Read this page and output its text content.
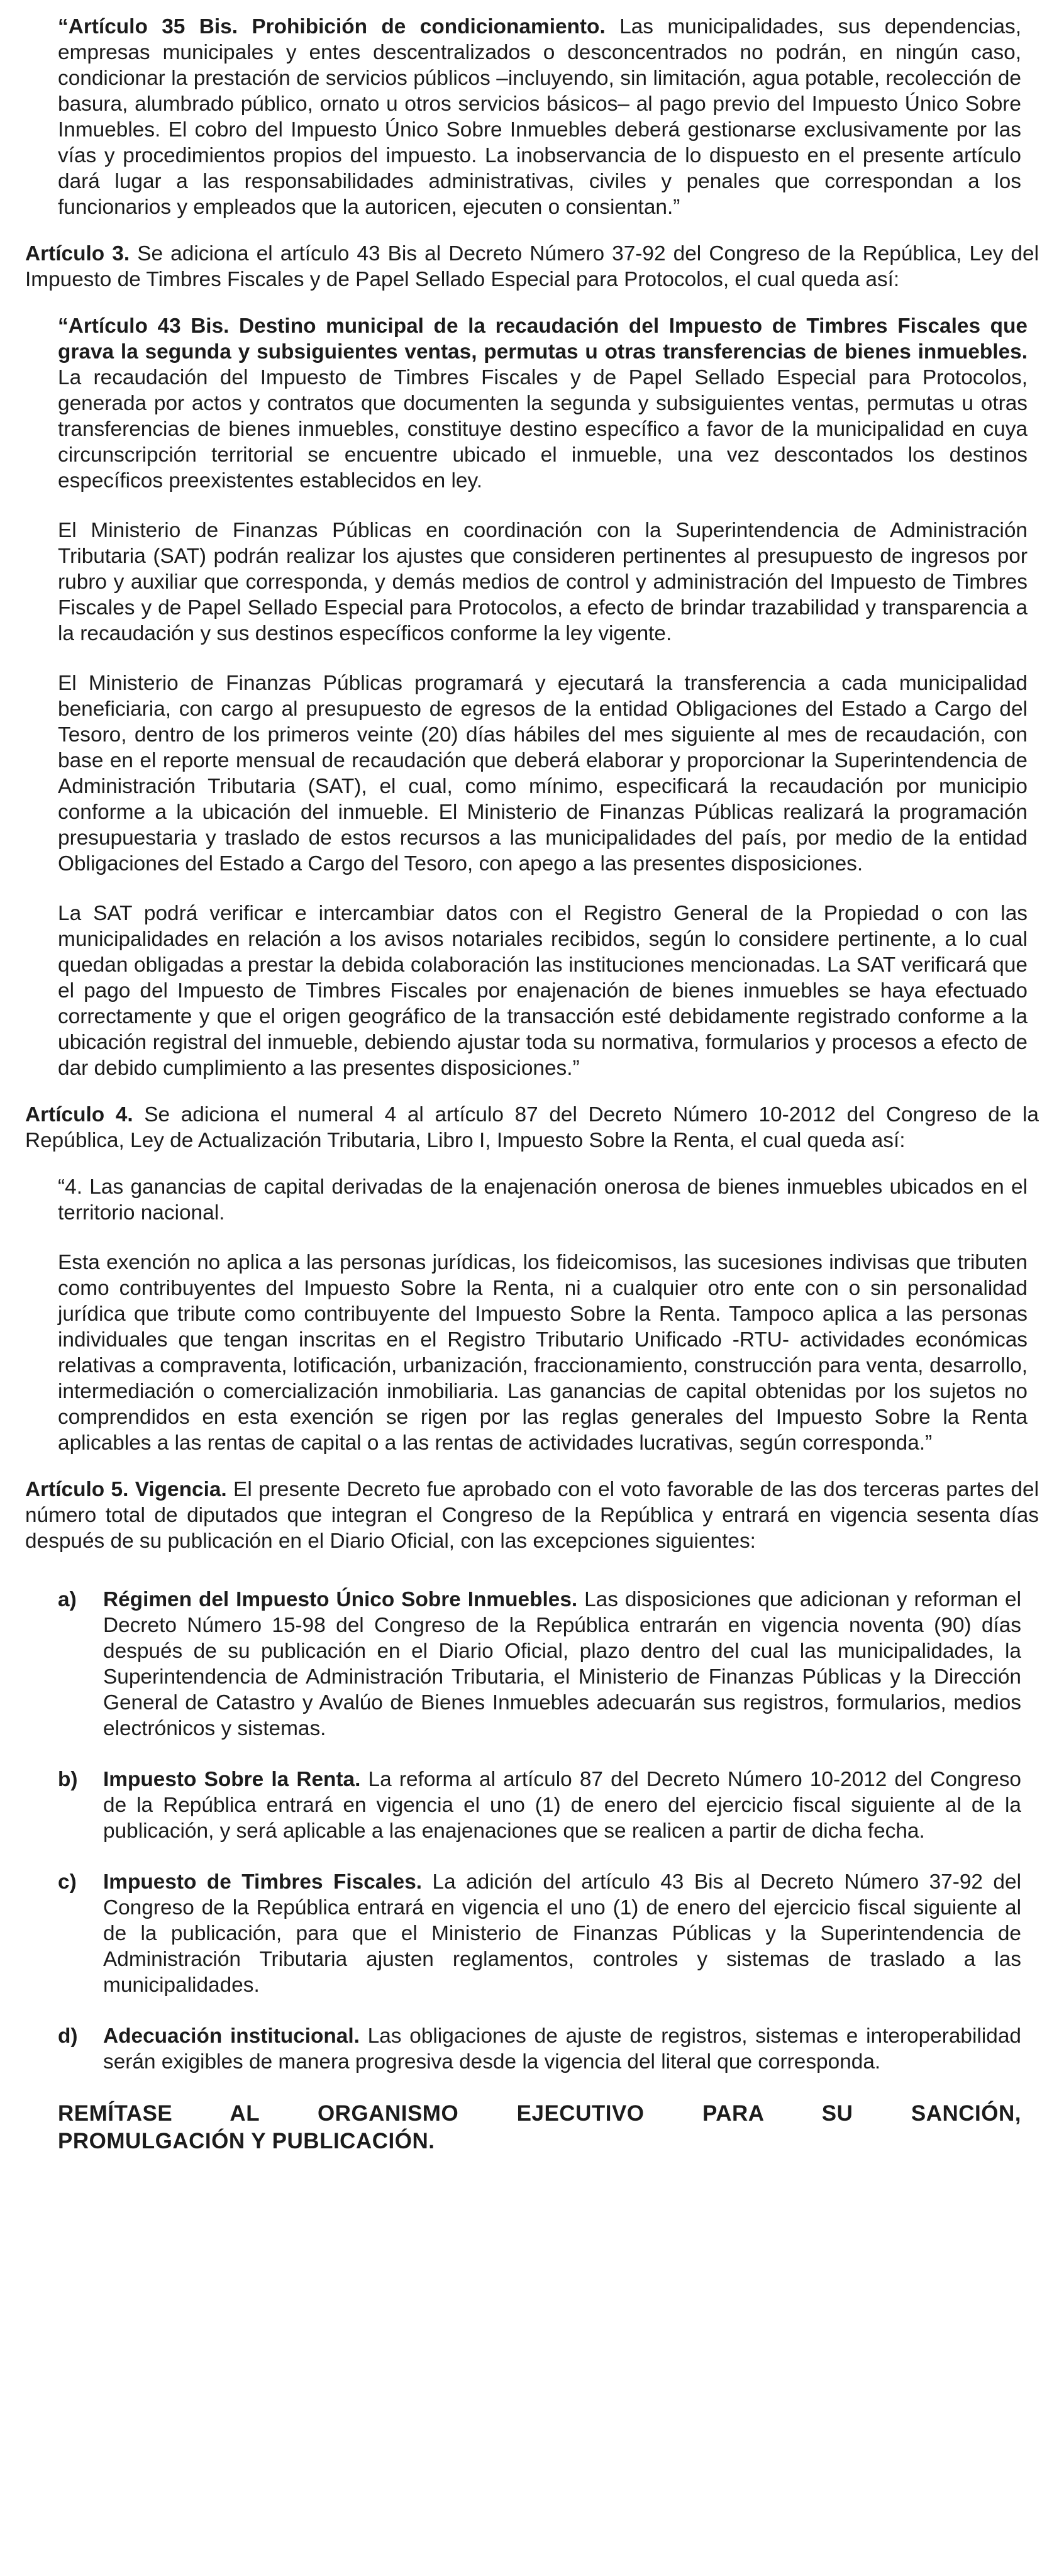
“Artículo 35 Bis. Prohibición de condicionamiento. Las municipalidades, sus dependencias, empresas municipales y entes descentralizados o desconcentrados no podrán, en ningún caso, condicionar la prestación de servicios públicos –incluyendo, sin limitación, agua potable, recolección de basura, alumbrado público, ornato u otros servicios básicos– al pago previo del Impuesto Único Sobre Inmuebles. El cobro del Impuesto Único Sobre Inmuebles deberá gestionarse exclusivamente por las vías y procedimientos propios del impuesto. La inobservancia de lo dispuesto en el presente artículo dará lugar a las responsabilidades administrativas, civiles y penales que correspondan a los funcionarios y empleados que la autoricen, ejecuten o consientan.”

Artículo 3. Se adiciona el artículo 43 Bis al Decreto Número 37-92 del Congreso de la República, Ley del Impuesto de Timbres Fiscales y de Papel Sellado Especial para Protocolos, el cual queda así:

“Artículo 43 Bis. Destino municipal de la recaudación del Impuesto de Timbres Fiscales que grava la segunda y subsiguientes ventas, permutas u otras transferencias de bienes inmuebles. La recaudación del Impuesto de Timbres Fiscales y de Papel Sellado Especial para Protocolos, generada por actos y contratos que documenten la segunda y subsiguientes ventas, permutas u otras transferencias de bienes inmuebles, constituye destino específico a favor de la municipalidad en cuya circunscripción territorial se encuentre ubicado el inmueble, una vez descontados los destinos específicos preexistentes establecidos en ley.

El Ministerio de Finanzas Públicas en coordinación con la Superintendencia de Administración Tributaria (SAT) podrán realizar los ajustes que consideren pertinentes al presupuesto de ingresos por rubro y auxiliar que corresponda, y demás medios de control y administración del Impuesto de Timbres Fiscales y de Papel Sellado Especial para Protocolos, a efecto de brindar trazabilidad y transparencia a la recaudación y sus destinos específicos conforme la ley vigente.

El Ministerio de Finanzas Públicas programará y ejecutará la transferencia a cada municipalidad beneficiaria, con cargo al presupuesto de egresos de la entidad Obligaciones del Estado a Cargo del Tesoro, dentro de los primeros veinte (20) días hábiles del mes siguiente al mes de recaudación, con base en el reporte mensual de recaudación que deberá elaborar y proporcionar la Superintendencia de Administración Tributaria (SAT), el cual, como mínimo, especificará la recaudación por municipio conforme a la ubicación del inmueble. El Ministerio de Finanzas Públicas realizará la programación presupuestaria y traslado de estos recursos a las municipalidades del país, por medio de la entidad Obligaciones del Estado a Cargo del Tesoro, con apego a las presentes disposiciones.

La SAT podrá verificar e intercambiar datos con el Registro General de la Propiedad o con las municipalidades en relación a los avisos notariales recibidos, según lo considere pertinente, a lo cual quedan obligadas a prestar la debida colaboración las instituciones mencionadas. La SAT verificará que el pago del Impuesto de Timbres Fiscales por enajenación de bienes inmuebles se haya efectuado correctamente y que el origen geográfico de la transacción esté debidamente registrado conforme a la ubicación registral del inmueble, debiendo ajustar toda su normativa, formularios y procesos a efecto de dar debido cumplimiento a las presentes disposiciones.”

Artículo 4. Se adiciona el numeral 4 al artículo 87 del Decreto Número 10-2012 del Congreso de la República, Ley de Actualización Tributaria, Libro I, Impuesto Sobre la Renta, el cual queda así:

“4. Las ganancias de capital derivadas de la enajenación onerosa de bienes inmuebles ubicados en el territorio nacional.

Esta exención no aplica a las personas jurídicas, los fideicomisos, las sucesiones indivisas que tributen como contribuyentes del Impuesto Sobre la Renta, ni a cualquier otro ente con o sin personalidad jurídica que tribute como contribuyente del Impuesto Sobre la Renta. Tampoco aplica a las personas individuales que tengan inscritas en el Registro Tributario Unificado -RTU- actividades económicas relativas a compraventa, lotificación, urbanización, fraccionamiento, construcción para venta, desarrollo, intermediación o comercialización inmobiliaria. Las ganancias de capital obtenidas por los sujetos no comprendidos en esta exención se rigen por las reglas generales del Impuesto Sobre la Renta aplicables a las rentas de capital o a las rentas de actividades lucrativas, según corresponda.”

Artículo 5. Vigencia. El presente Decreto fue aprobado con el voto favorable de las dos terceras partes del número total de diputados que integran el Congreso de la República y entrará en vigencia sesenta días después de su publicación en el Diario Oficial, con las excepciones siguientes:

a)	Régimen del Impuesto Único Sobre Inmuebles. Las disposiciones que adicionan y reforman el Decreto Número 15-98 del Congreso de la República entrarán en vigencia noventa (90) días después de su publicación en el Diario Oficial, plazo dentro del cual las municipalidades, la Superintendencia de Administración Tributaria, el Ministerio de Finanzas Públicas y la Dirección General de Catastro y Avalúo de Bienes Inmuebles adecuarán sus registros, formularios, medios electrónicos y sistemas.

b)	Impuesto Sobre la Renta. La reforma al artículo 87 del Decreto Número 10-2012 del Congreso de la República entrará en vigencia el uno (1) de enero del ejercicio fiscal siguiente al de la publicación, y será aplicable a las enajenaciones que se realicen a partir de dicha fecha.

c)	Impuesto de Timbres Fiscales. La adición del artículo 43 Bis al Decreto Número 37-92 del Congreso de la República entrará en vigencia el uno (1) de enero del ejercicio fiscal siguiente al de la publicación, para que el Ministerio de Finanzas Públicas y la Superintendencia de Administración Tributaria ajusten reglamentos, controles y sistemas de traslado a las municipalidades.

d)	Adecuación institucional. Las obligaciones de ajuste de registros, sistemas e interoperabilidad serán exigibles de manera progresiva desde la vigencia del literal que corresponda.

REMÍTASE AL ORGANISMO EJECUTIVO PARA SU SANCIÓN,
PROMULGACIÓN Y PUBLICACIÓN.
